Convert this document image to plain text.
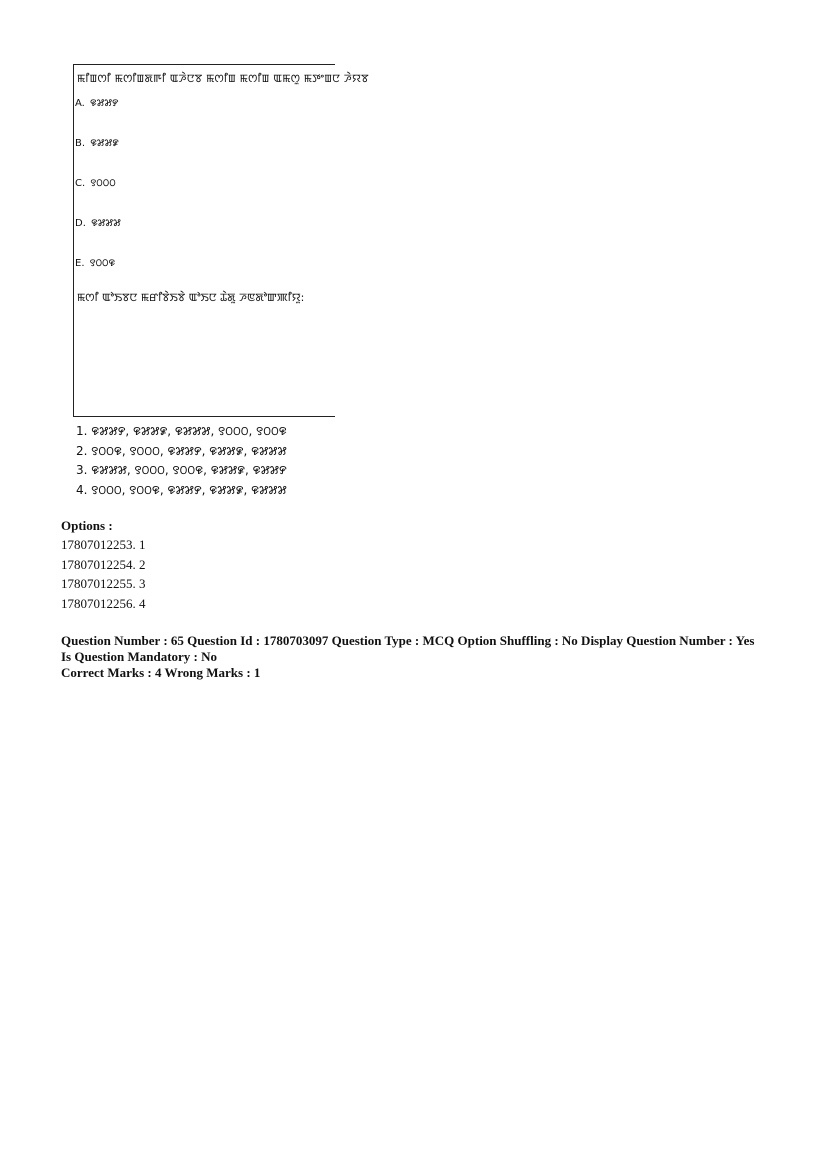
ꯃꯤꯡꯁꯤ ꯃꯁꯤꯡꯗꯒꯤ ꯑꯍꯥꯅꯕ ꯃꯁꯤꯡ ꯃꯁꯤꯡ ꯑꯃꯁꯨ ꯃꯇꯦꯡꯅ ꯍꯥꯌꯕ
A. ꯶꯷꯷꯸
B. ꯶꯷꯷꯹
C. ꯱꯰꯰꯰
D. ꯶꯷꯷꯷
E. ꯱꯰꯰꯶
ꯃꯁꯤ ꯑꯣꯏꯕꯅ ꯃꯔꯤꯕꯥꯏꯕꯥ ꯑꯣꯏꯅ ꯊꯥꯗꯨ ꯍꯟꯗꯣꯛꯄꯤꯌꯨ:
1. ꯶꯷꯷꯸, ꯶꯷꯷꯹, ꯶꯷꯷꯷, ꯱꯰꯰꯰, ꯱꯰꯰꯶
2. ꯱꯰꯰꯶, ꯱꯰꯰꯰, ꯶꯷꯷꯸, ꯶꯷꯷꯹, ꯶꯷꯷꯷
3. ꯶꯷꯷꯷, ꯱꯰꯰꯰, ꯱꯰꯰꯶, ꯶꯷꯷꯹, ꯶꯷꯷꯸
4. ꯱꯰꯰꯰, ꯱꯰꯰꯶, ꯶꯷꯷꯸, ꯶꯷꯷꯹, ꯶꯷꯷꯷
Options :
17807012253. 1
17807012254. 2
17807012255. 3
17807012256. 4
Question Number : 65 Question Id : 1780703097 Question Type : MCQ Option Shuffling : No Display Question Number : Yes Is Question Mandatory : No
Correct Marks : 4 Wrong Marks : 1
